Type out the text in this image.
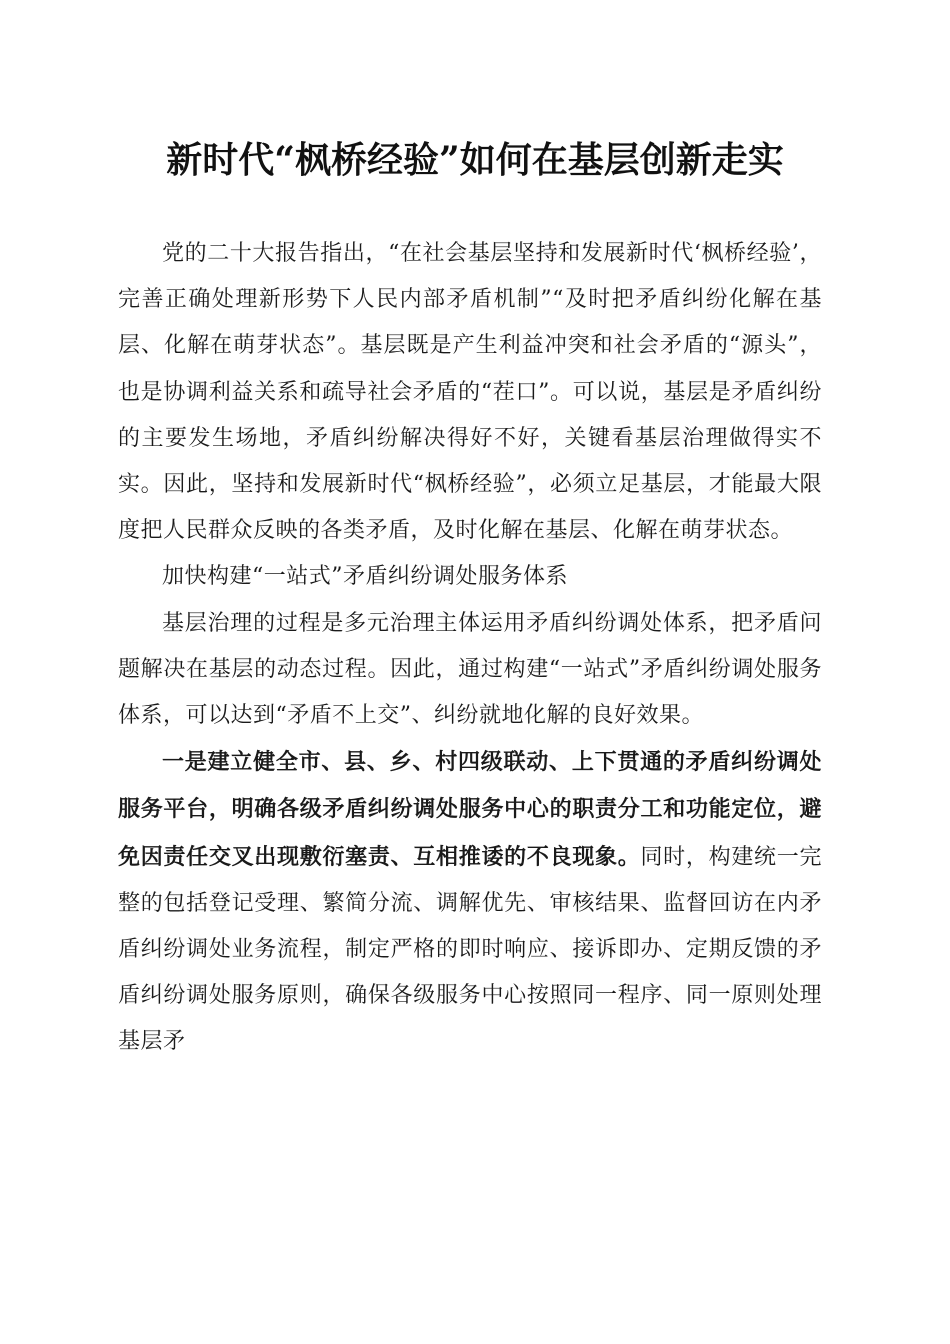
新时代“枫桥经验”如何在基层创新走实

党的二十大报告指出，“在社会基层坚持和发展新时代‘枫桥经验’，完善正确处理新形势下人民内部矛盾机制”“及时把矛盾纠纷化解在基层、化解在萌芽状态”。基层既是产生利益冲突和社会矛盾的“源头”，也是协调利益关系和疏导社会矛盾的“茬口”。可以说，基层是矛盾纠纷的主要发生场地，矛盾纠纷解决得好不好，关键看基层治理做得实不实。因此，坚持和发展新时代“枫桥经验”，必须立足基层，才能最大限度把人民群众反映的各类矛盾，及时化解在基层、化解在萌芽状态。

加快构建“一站式”矛盾纠纷调处服务体系

基层治理的过程是多元治理主体运用矛盾纠纷调处体系，把矛盾问题解决在基层的动态过程。因此，通过构建“一站式”矛盾纠纷调处服务体系，可以达到“矛盾不上交”、纠纷就地化解的良好效果。

一是建立健全市、县、乡、村四级联动、上下贯通的矛盾纠纷调处服务平台，明确各级矛盾纠纷调处服务中心的职责分工和功能定位，避免因责任交叉出现敷衍塞责、互相推诿的不良现象。同时，构建统一完整的包括登记受理、繁简分流、调解优先、审核结果、监督回访在内矛盾纠纷调处业务流程，制定严格的即时响应、接诉即办、定期反馈的矛盾纠纷调处服务原则，确保各级服务中心按照同一程序、同一原则处理基层矛
